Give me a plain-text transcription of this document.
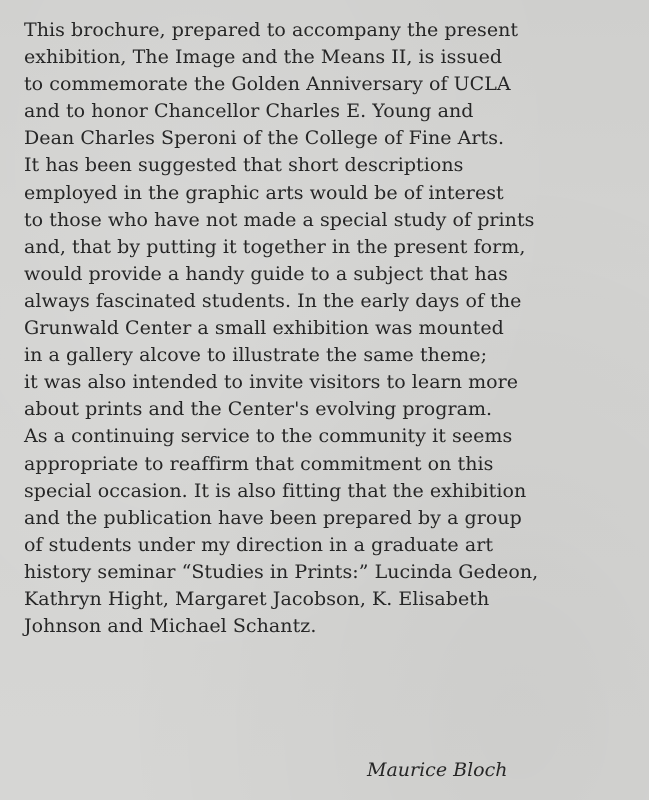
This brochure, prepared to accompany the present
exhibition, The Image and the Means II, is issued
to commemorate the Golden Anniversary of UCLA
and to honor Chancellor Charles E. Young and
Dean Charles Speroni of the College of Fine Arts.
It has been suggested that short descriptions
employed in the graphic arts would be of interest
to those who have not made a special study of prints
and, that by putting it together in the present form,
would provide a handy guide to a subject that has
always fascinated students. In the early days of the
Grunwald Center a small exhibition was mounted
in a gallery alcove to illustrate the same theme;
it was also intended to invite visitors to learn more
about prints and the Center's evolving program.
As a continuing service to the community it seems
appropriate to reaffirm that commitment on this
special occasion. It is also fitting that the exhibition
and the publication have been prepared by a group
of students under my direction in a graduate art
history seminar “Studies in Prints:” Lucinda Gedeon,
Kathryn Hight, Margaret Jacobson, K. Elisabeth
Johnson and Michael Schantz.
Maurice Bloch
